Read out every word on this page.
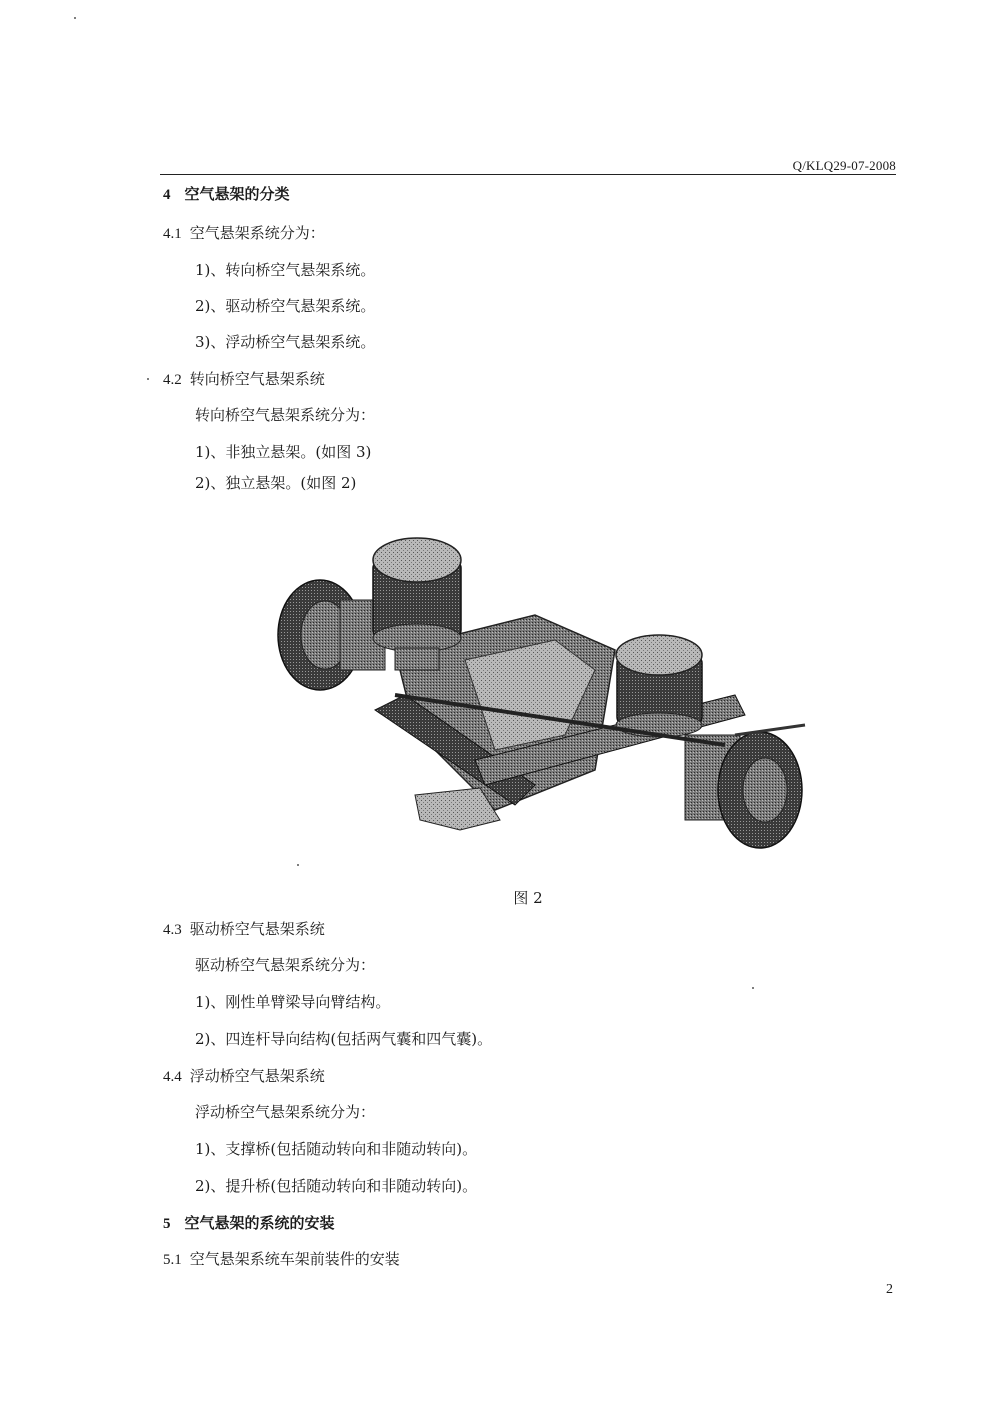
Q/KLQ29-07-2008
4 空气悬架的分类
4.1 空气悬架系统分为：
1)、转向桥空气悬架系统。
2)、驱动桥空气悬架系统。
3)、浮动桥空气悬架系统。
4.2 转向桥空气悬架系统
转向桥空气悬架系统分为：
1)、非独立悬架。(如图 3)
2)、独立悬架。(如图 2)
图 2
4.3 驱动桥空气悬架系统
驱动桥空气悬架系统分为：
1)、刚性单臂梁导向臂结构。
2)、四连杆导向结构(包括两气囊和四气囊)。
4.4 浮动桥空气悬架系统
浮动桥空气悬架系统分为：
1)、支撑桥(包括随动转向和非随动转向)。
2)、提升桥(包括随动转向和非随动转向)。
5 空气悬架的系统的安装
5.1 空气悬架系统车架前装件的安装
2
